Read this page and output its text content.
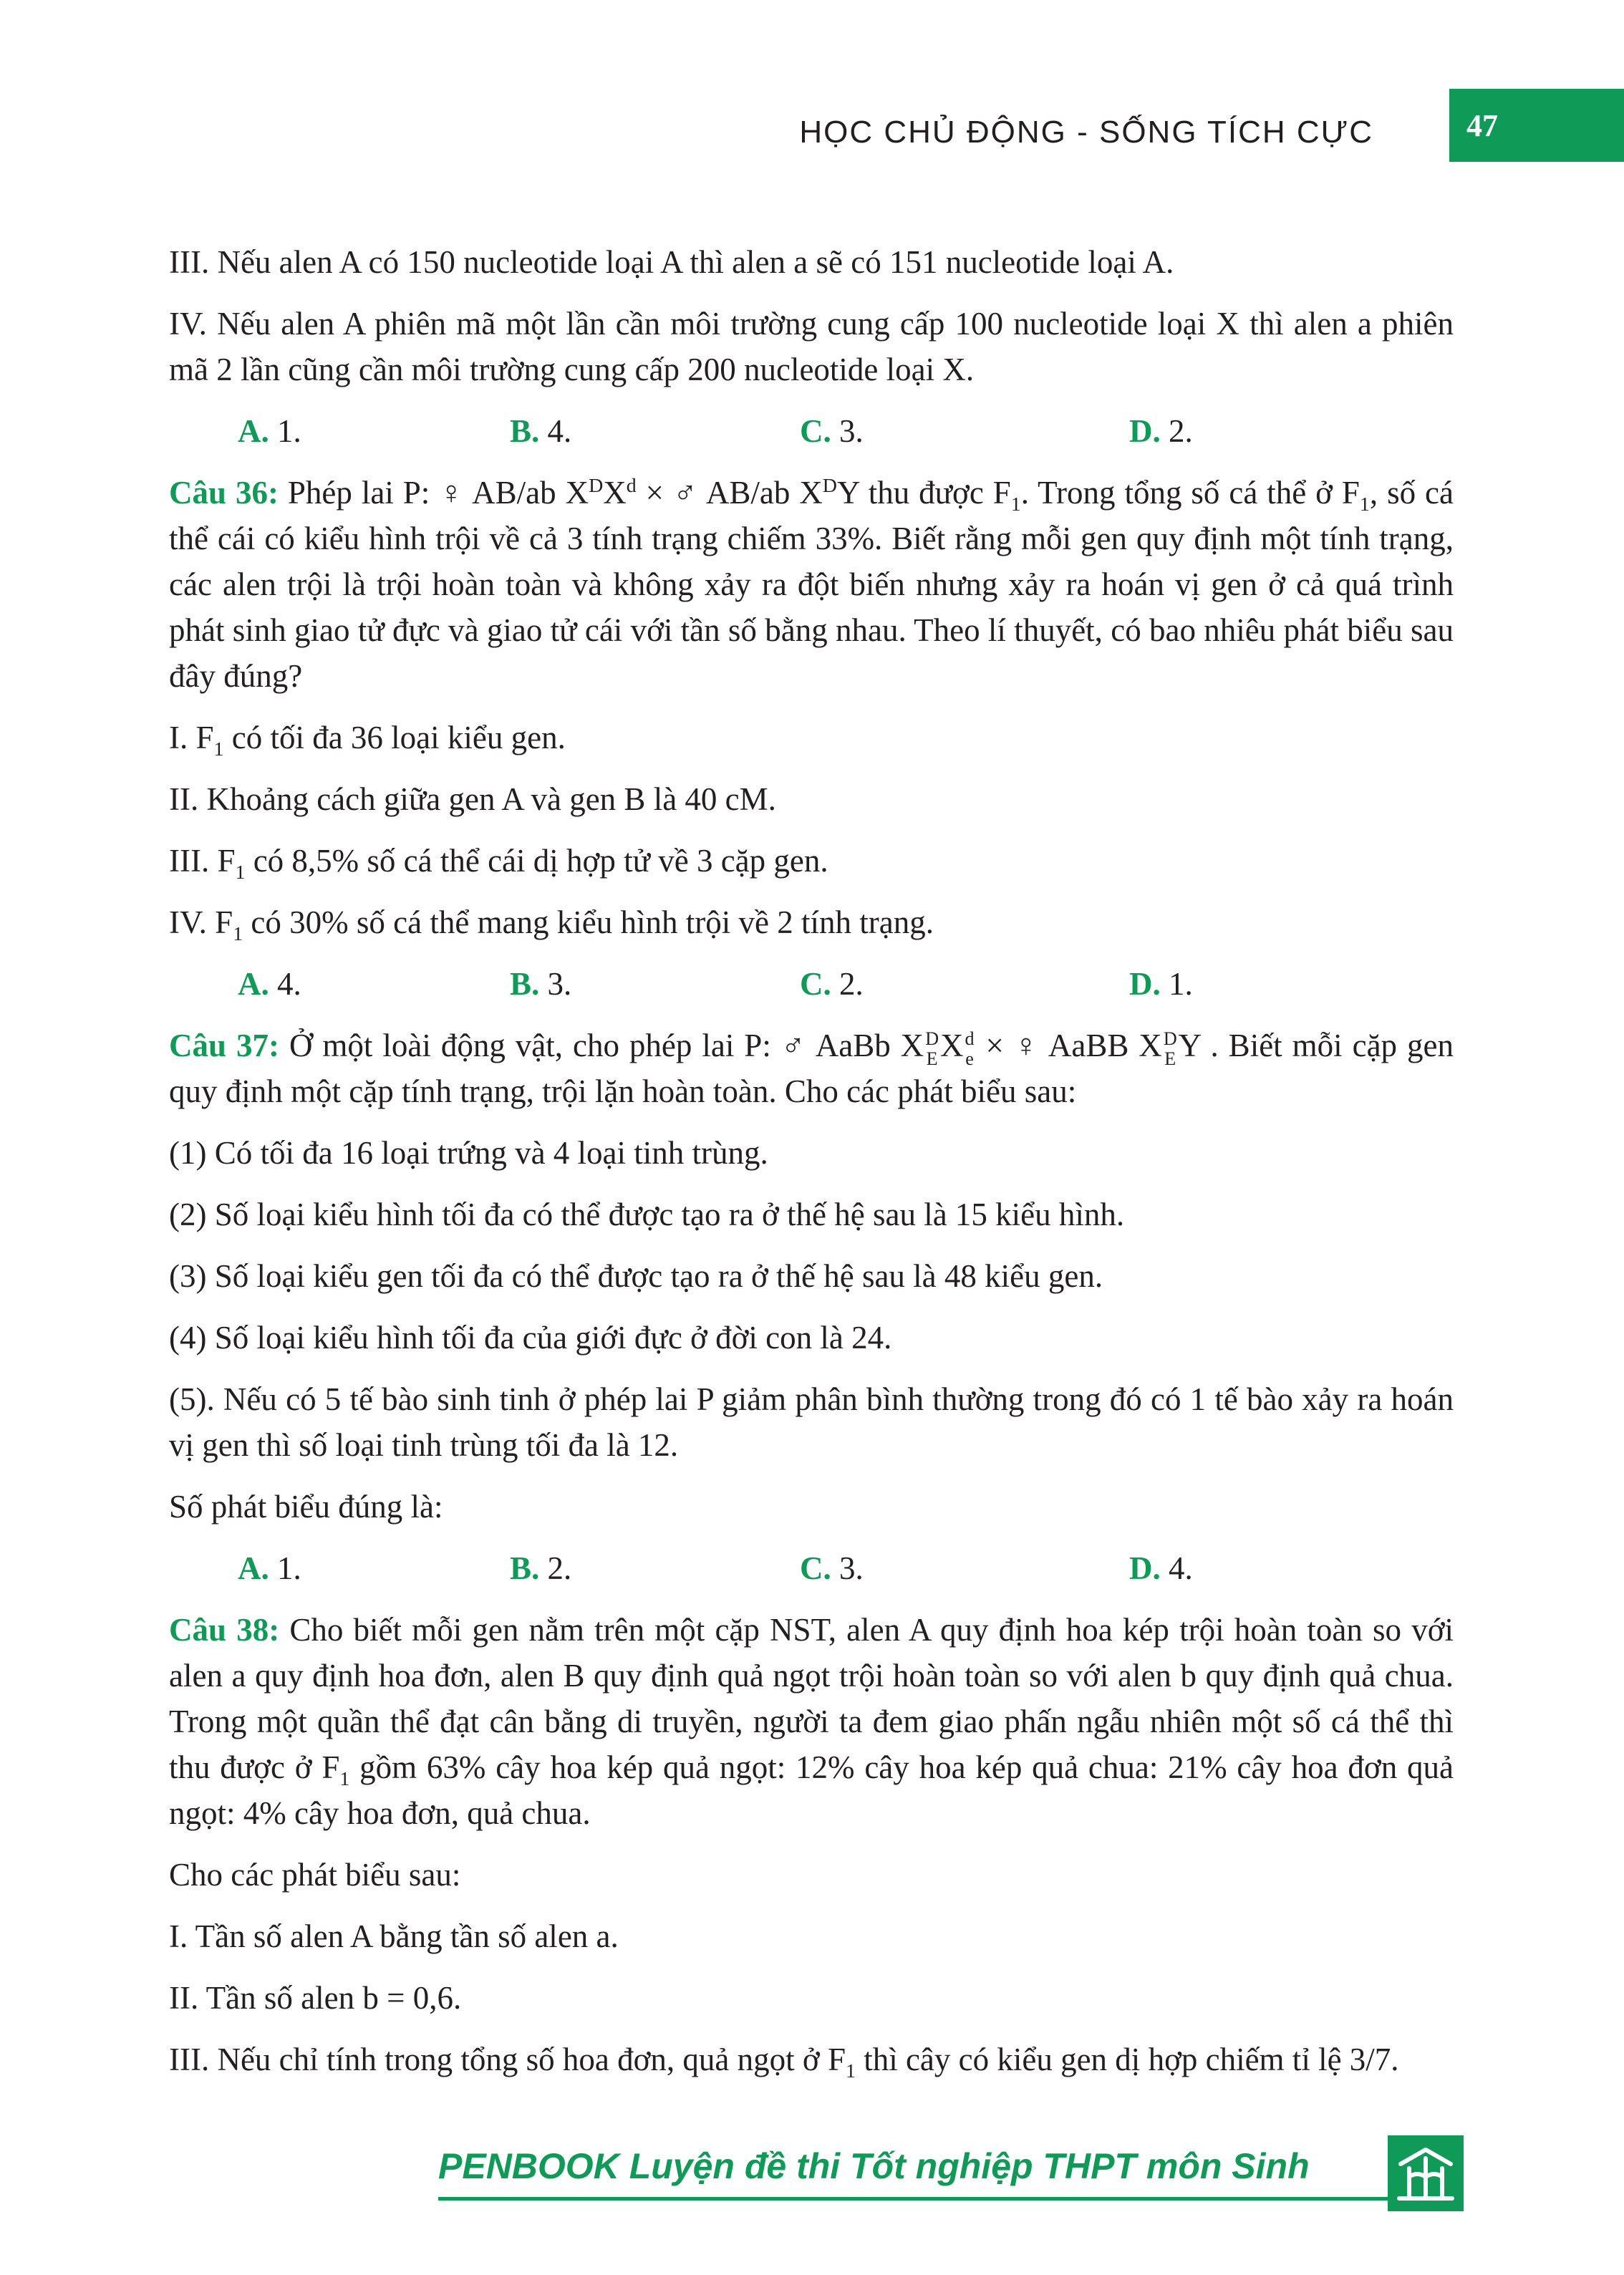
HỌC CHỦ ĐỘNG - SỐNG TÍCH CỰC	47

III. Nếu alen A có 150 nucleotide loại A thì alen a sẽ có 151 nucleotide loại A.

IV. Nếu alen A phiên mã một lần cần môi trường cung cấp 100 nucleotide loại X thì alen a phiên mã 2 lần cũng cần môi trường cung cấp 200 nucleotide loại X.

A. 1.	B. 4.	C. 3.	D. 2.

Câu 36: Phép lai P: ♀ AB/ab $X^DX^d$ × ♂ AB/ab $X^DY$ thu được $F_1$. Trong tổng số cá thể ở $F_1$, số cá thể cái có kiểu hình trội về cả 3 tính trạng chiếm 33%. Biết rằng mỗi gen quy định một tính trạng, các alen trội là trội hoàn toàn và không xảy ra đột biến nhưng xảy ra hoán vị gen ở cả quá trình phát sinh giao tử đực và giao tử cái với tần số bằng nhau. Theo lí thuyết, có bao nhiêu phát biểu sau đây đúng?

I. $F_1$ có tối đa 36 loại kiểu gen.

II. Khoảng cách giữa gen A và gen B là 40 cM.

III. $F_1$ có 8,5% số cá thể cái dị hợp tử về 3 cặp gen.

IV. $F_1$ có 30% số cá thể mang kiểu hình trội về 2 tính trạng.

A. 4.	B. 3.	C. 2.	D. 1.

Câu 37: Ở một loài động vật, cho phép lai P: ♂ AaBb X D
E X d
e × ♀ AaBB X D
E Y . Biết mỗi cặp gen quy định một cặp tính trạng, trội lặn hoàn toàn. Cho các phát biểu sau:

(1) Có tối đa 16 loại trứng và 4 loại tinh trùng.

(2) Số loại kiểu hình tối đa có thể được tạo ra ở thế hệ sau là 15 kiểu hình.

(3) Số loại kiểu gen tối đa có thể được tạo ra ở thế hệ sau là 48 kiểu gen.

(4) Số loại kiểu hình tối đa của giới đực ở đời con là 24.

(5). Nếu có 5 tế bào sinh tinh ở phép lai P giảm phân bình thường trong đó có 1 tế bào xảy ra hoán vị gen thì số loại tinh trùng tối đa là 12.

Số phát biểu đúng là:

A. 1.	B. 2.	C. 3.	D. 4.

Câu 38: Cho biết mỗi gen nằm trên một cặp NST, alen A quy định hoa kép trội hoàn toàn so với alen a quy định hoa đơn, alen B quy định quả ngọt trội hoàn toàn so với alen b quy định quả chua. Trong một quần thể đạt cân bằng di truyền, người ta đem giao phấn ngẫu nhiên một số cá thể thì thu được ở $F_1$ gồm 63% cây hoa kép quả ngọt: 12% cây hoa kép quả chua: 21% cây hoa đơn quả ngọt: 4% cây hoa đơn, quả chua.

Cho các phát biểu sau:

I. Tần số alen A bằng tần số alen a.

II. Tần số alen b = 0,6.

III. Nếu chỉ tính trong tổng số hoa đơn, quả ngọt ở $F_1$ thì cây có kiểu gen dị hợp chiếm tỉ lệ 3/7.

PENBOOK Luyện đề thi Tốt nghiệp THPT môn Sinh
